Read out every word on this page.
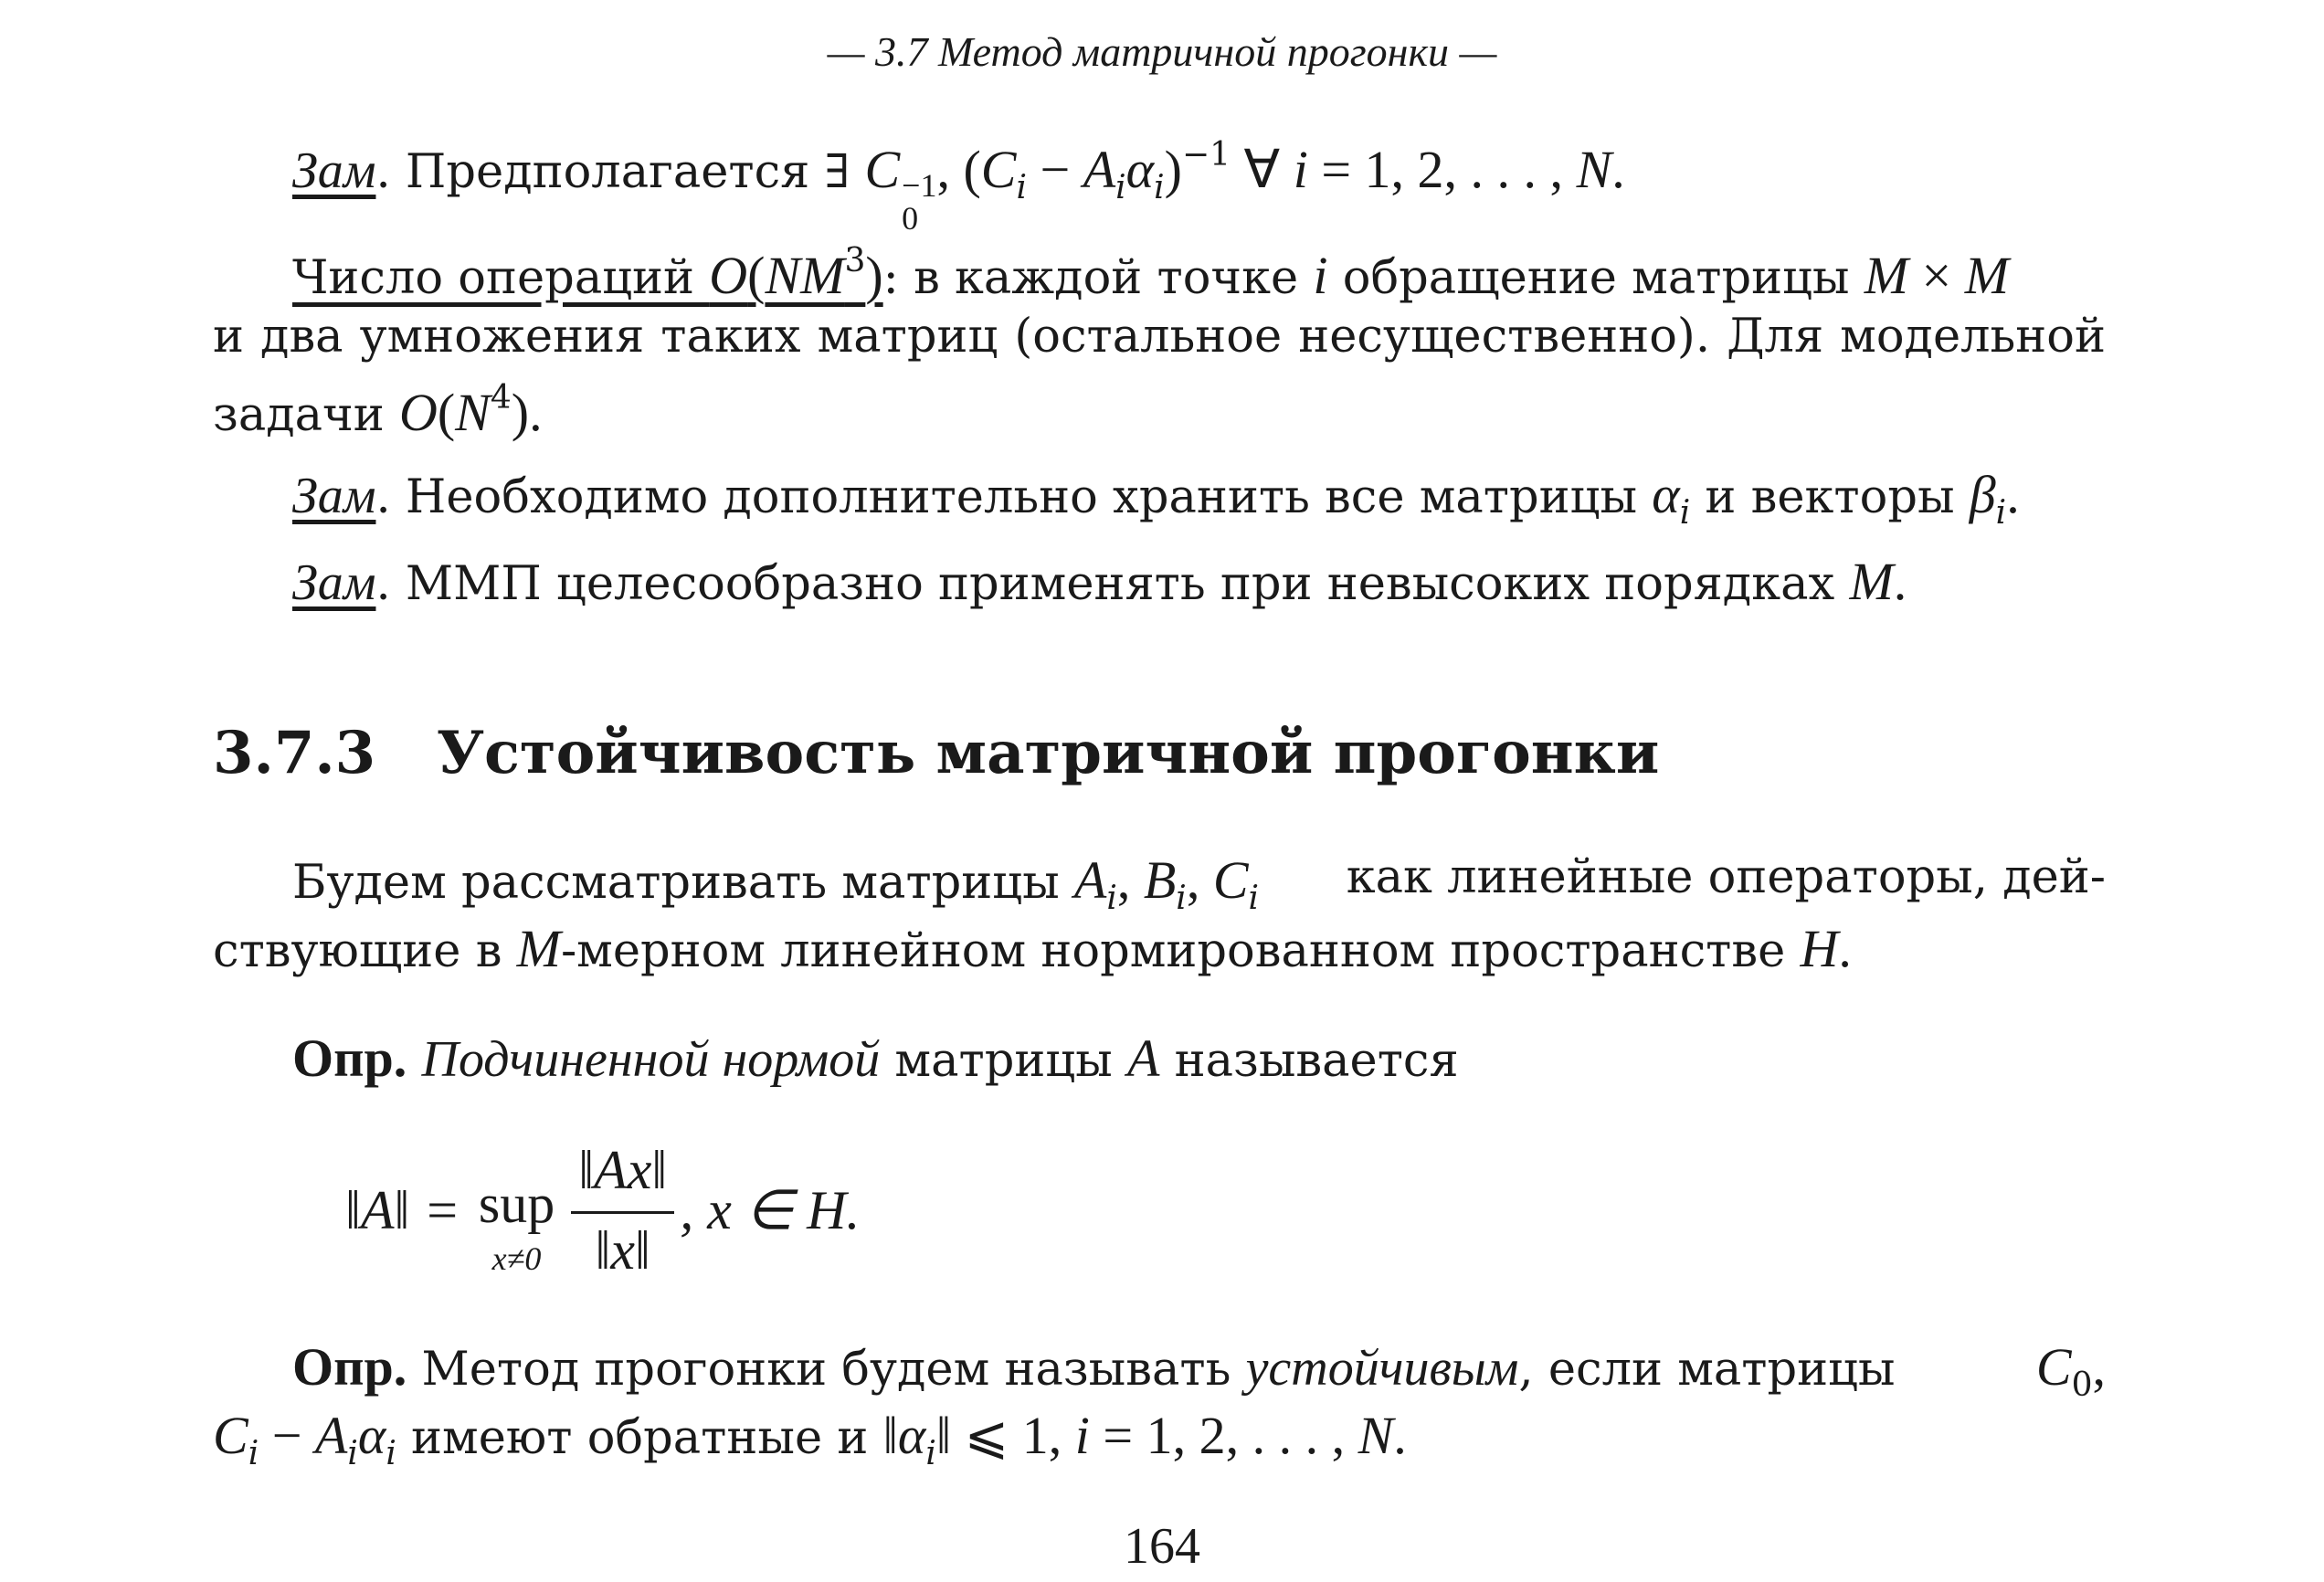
— 3.7 Метод матричной прогонки —
Зам. Предполагается ∃ C −1
0
, $(C_i - A_i\alpha_i)^{-1}$ ∀ i = 1, 2, . . . , N.
Число операций $O(NM^3)$: в каждой точке i обращение матрицы M × M
и два умножения таких матриц (остальное несущественно). Для модельной
задачи $O(N^4)$.
Зам. Необходимо дополнительно хранить все матрицы $\alpha_i$ и векторы $\beta_i$.
Зам. ММП целесообразно применять при невысоких порядках M.
3.7.3 Устойчивость матричной прогонки
Будем рассматривать матрицы $A_i$, $B_i$, $C_i$ как линейные операторы, дей-
ствующие в M-мерном линейном нормированном пространстве H.
Опр. Подчиненной нормой матрицы A называется
‖A‖ = sup
$x\ne 0 \frac{‖Ax‖}{‖x‖}$ , x ∈ H.
Опр. Метод прогонки будем называть устойчивым, если матрицы	$C_0$,
$C_i - A_i\alpha_i$ имеют обратные и $‖\alpha_i‖$ ⩽ 1, i = 1, 2, . . . , N.
164
